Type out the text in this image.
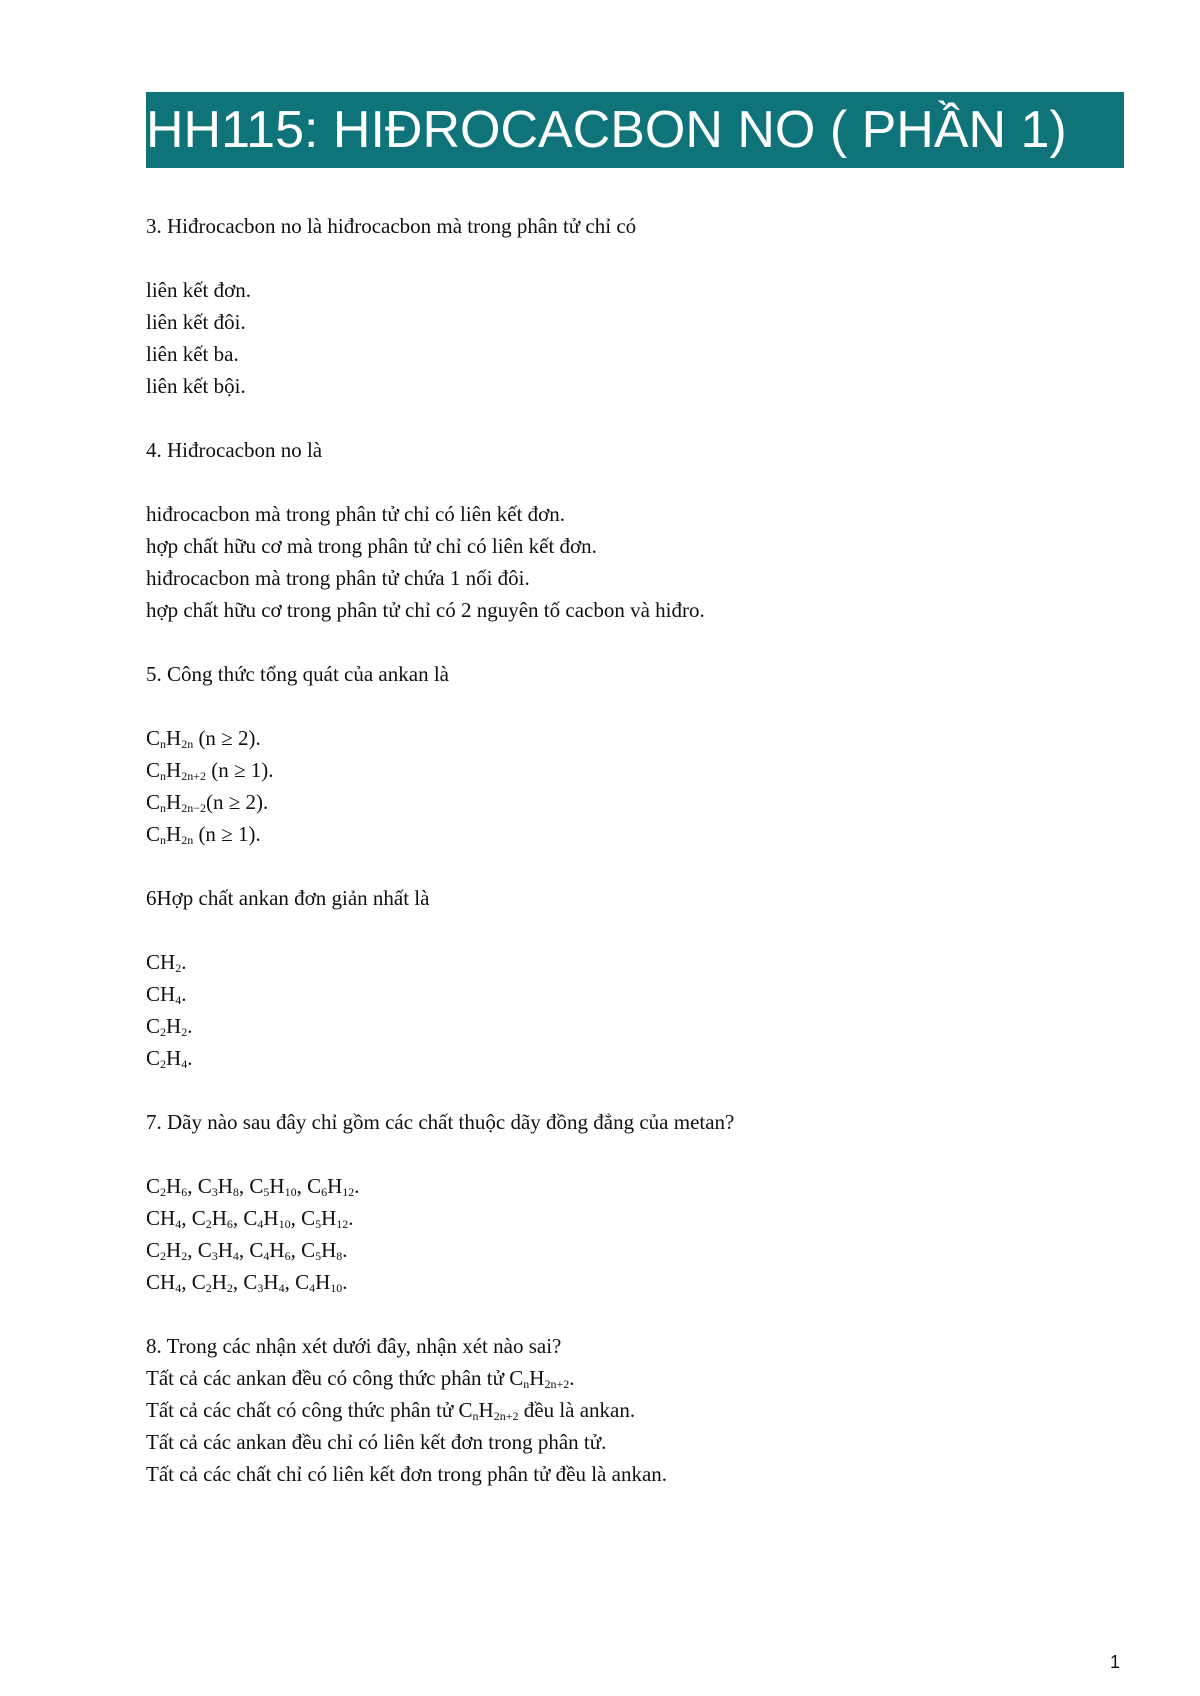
HH115: HIĐROCACBON NO ( PHẦN 1)
3. Hiđrocacbon no là hiđrocacbon mà trong phân tử chỉ có
liên kết đơn.
liên kết đôi.
liên kết ba.
liên kết bội.
4. Hiđrocacbon no là
hiđrocacbon mà trong phân tử chỉ có liên kết đơn.
hợp chất hữu cơ mà trong phân tử chỉ có liên kết đơn.
hiđrocacbon mà trong phân tử chứa 1 nối đôi.
hợp chất hữu cơ trong phân tử chỉ có 2 nguyên tố cacbon và hiđro.
5. Công thức tổng quát của ankan là
$C_nH_{2n}$ (n ≥ 2).
$C_nH_{2n+2}$ (n ≥ 1).
$C_nH_{2n-2}(n \ge 2)$.
$C_nH_{2n}$ (n ≥ 1).
6Hợp chất ankan đơn giản nhất là
$CH_2$.
$CH_4$.
$C_2H_2$.
$C_2H_4$.
7. Dãy nào sau đây chỉ gồm các chất thuộc dãy đồng đẳng của metan?
$C_2H_6$, $C_3H_8$, $C_5H_{10}$, $C_6H_{12}$.
$CH_4$, $C_2H_6$, $C_4H_{10}$, $C_5H_{12}$.
$C_2H_2$, $C_3H_4$, $C_4H_6$, $C_5H_8$.
$CH_4$, $C_2H_2$, $C_3H_4$, $C_4H_{10}$.
8. Trong các nhận xét dưới đây, nhận xét nào sai?
Tất cả các ankan đều có công thức phân tử $C_nH_{2n+2}$.
Tất cả các chất có công thức phân tử $C_nH_{2n+2}$ đều là ankan.
Tất cả các ankan đều chỉ có liên kết đơn trong phân tử.
Tất cả các chất chỉ có liên kết đơn trong phân tử đều là ankan.
1
